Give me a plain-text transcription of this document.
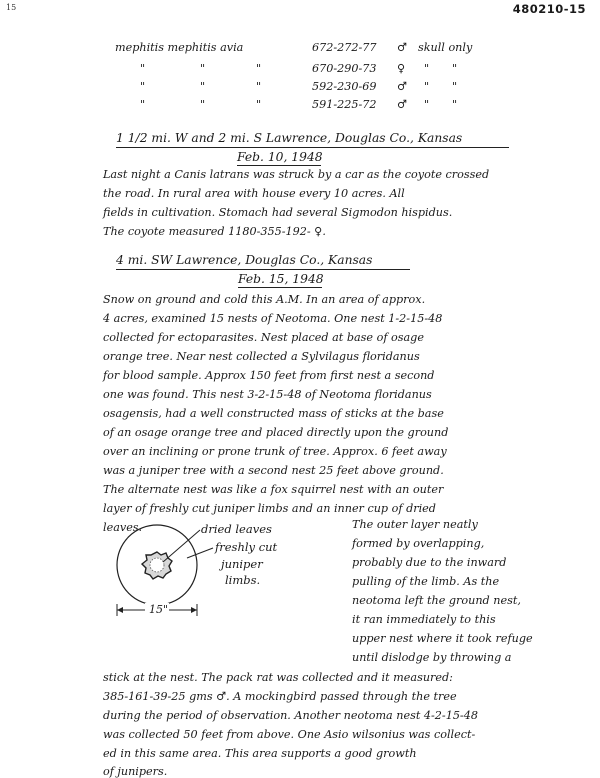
15	480210-15
mephitis mephitis avia	672-272-77 ♂ skull only
"	"	"	670-290-73 ♀ " "
"	"	"	592-230-69 ♂ " "
"	"	"	591-225-72 ♂ " "
1 1/2 mi. W and 2 mi. S Lawrence, Douglas Co., Kansas
Feb. 10, 1948
Last night a Canis latrans was struck by a car as the coyote crossed
the road. In rural area with house every 10 acres. All
fields in cultivation. Stomach had several Sigmodon hispidus.
The coyote measured 1180-355-192- ♀.
4 mi. SW Lawrence, Douglas Co., Kansas
Feb. 15, 1948
Snow on ground and cold this A.M. In an area of approx.
4 acres, examined 15 nests of Neotoma. One nest 1-2-15-48
collected for ectoparasites. Nest placed at base of osage
orange tree. Near nest collected a Sylvilagus floridanus
for blood sample. Approx 150 feet from first nest a second
one was found. This nest 3-2-15-48 of Neotoma floridanus
osagensis, had a well constructed mass of sticks at the base
of an osage orange tree and placed directly upon the ground
over an inclining or prone trunk of tree. Approx. 6 feet away
was a juniper tree with a second nest 25 feet above ground.
The alternate nest was like a fox squirrel nest with an outer
layer of freshly cut juniper limbs and an inner cup of dried
leaves.	The outer layer neatly
formed by overlapping,
probably due to the inward
pulling of the limb. As the
neotoma left the ground nest,
it ran immediately to this
upper nest where it took refuge
until dislodge by throwing a
stick at the nest. The pack rat was collected and it measured:
385-161-39-25 gms ♂. A mockingbird passed through the tree
during the period of observation. Another neotoma nest 4-2-15-48
was collected 50 feet from above. One Asio wilsonius was collect-
ed in this same area. This area supports a good growth
of junipers.
dried leaves
freshly cut
juniper
limbs.
15"
